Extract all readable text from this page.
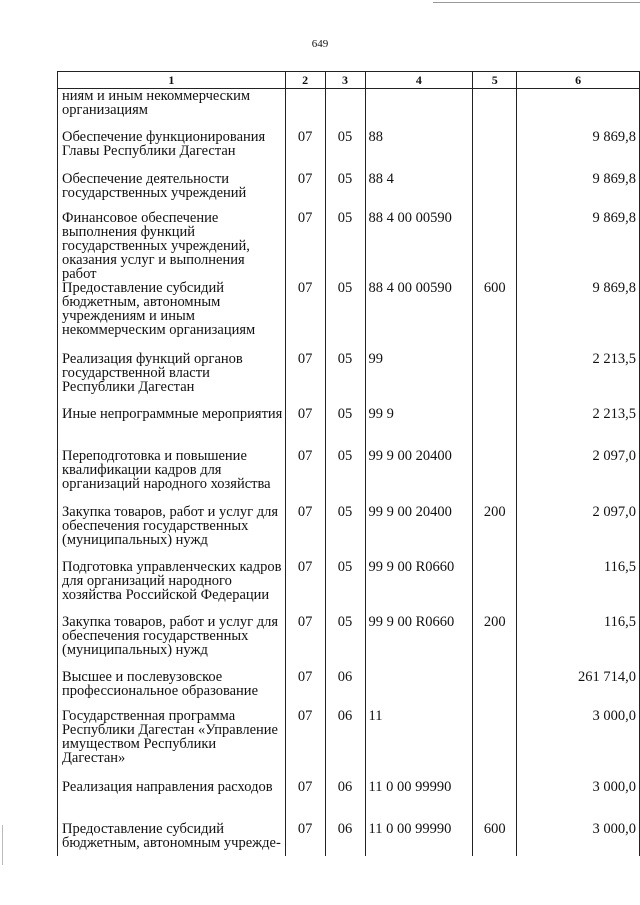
649
1	2	3	4	5	6
ниям и иным некоммерческим организациям					
Обеспечение функционирования Главы Республики Дагестан	07	05	88		9 869,8
Обеспечение деятельности государственных учреждений	07	05	88 4		9 869,8
Финансовое обеспечение выполнения функций государственных учреждений, оказания услуг и выполнения работ	07	05	88 4 00 00590		9 869,8
Предоставление субсидий бюджетным, автономным учреждениям и иным некоммерческим организациям	07	05	88 4 00 00590	600	9 869,8
Реализация функций органов государственной власти Республики Дагестан	07	05	99		2 213,5
Иные непрограммные мероприятия	07	05	99 9		2 213,5
Переподготовка и повышение квалификации кадров для организаций народного хозяйства	07	05	99 9 00 20400		2 097,0
Закупка товаров, работ и услуг для обеспечения государственных (муниципальных) нужд	07	05	99 9 00 20400	200	2 097,0
Подготовка управленческих кадров для организаций народного хозяйства Российской Федерации	07	05	99 9 00 R0660		116,5
Закупка товаров, работ и услуг для обеспечения государственных (муниципальных) нужд	07	05	99 9 00 R0660	200	116,5
Высшее и послевузовское профессиональное образование	07	06			261 714,0
Государственная программа Республики Дагестан «Управление имуществом Республики Дагестан»	07	06	11		3 000,0
Реализация направления расходов	07	06	11 0 00 99990		3 000,0
Предоставление субсидий бюджетным, автономным учрежде-	07	06	11 0 00 99990	600	3 000,0
